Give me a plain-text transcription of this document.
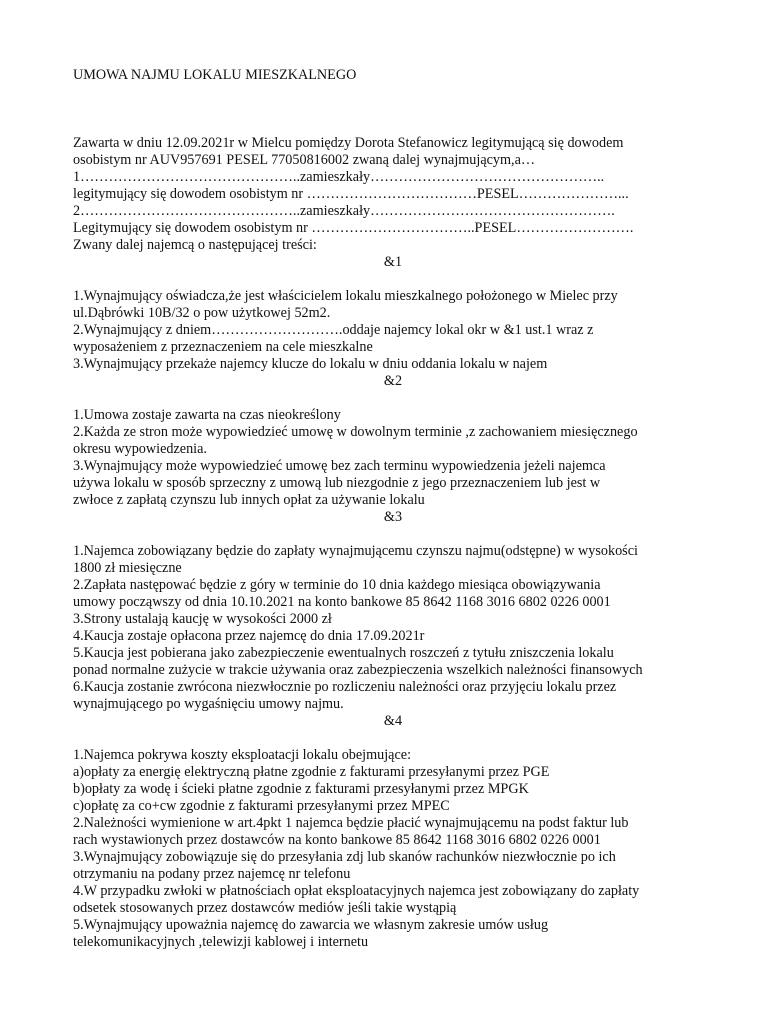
UMOWA NAJMU LOKALU MIESZKALNEGO
Zawarta w dniu 12.09.2021r w Mielcu pomiędzy Dorota Stefanowicz legitymującą się dowodem
osobistym nr AUV957691 PESEL 77050816002 zwaną dalej wynajmującym,a…
1………………………………………..zamieszkały…………………………………………..
legitymujący się dowodem osobistym nr ………………………………PESEL…………………...
2………………………………………..zamieszkały…………………………………………….
Legitymujący się dowodem osobistym nr ……………………………..PESEL…………………….
Zwany dalej najemcą o następującej treści:
&1
1.Wynajmujący oświadcza,że jest właścicielem lokalu mieszkalnego położonego w Mielec przy
ul.Dąbrówki 10B/32 o pow użytkowej 52m2.
2.Wynajmujący z dniem……………………….oddaje najemcy lokal okr w &1 ust.1 wraz z
wyposażeniem z przeznaczeniem na cele mieszkalne
3.Wynajmujący przekaże najemcy klucze do lokalu w dniu oddania lokalu w najem
&2
1.Umowa zostaje zawarta na czas nieokreślony
2.Każda ze stron może wypowiedzieć umowę w dowolnym terminie ,z zachowaniem miesięcznego
okresu wypowiedzenia.
3.Wynajmujący może wypowiedzieć umowę bez zach terminu wypowiedzenia jeżeli najemca
używa lokalu w sposób sprzeczny z umową lub niezgodnie z jego przeznaczeniem lub jest w
zwłoce z zapłatą czynszu lub innych opłat za używanie lokalu
&3
1.Najemca zobowiązany będzie do zapłaty wynajmującemu czynszu najmu(odstępne) w wysokości
1800 zł miesięczne
2.Zapłata następować będzie z góry w terminie do 10 dnia każdego miesiąca obowiązywania
umowy począwszy od dnia 10.10.2021 na konto bankowe 85 8642 1168 3016 6802 0226 0001
3.Strony ustalają kaucję w wysokości 2000 zł
4.Kaucja zostaje opłacona przez najemcę do dnia 17.09.2021r
5.Kaucja jest pobierana jako zabezpieczenie ewentualnych roszczeń z tytułu zniszczenia lokalu
ponad normalne zużycie w trakcie używania oraz zabezpieczenia wszelkich należności finansowych
6.Kaucja zostanie zwrócona niezwłocznie po rozliczeniu należności oraz przyjęciu lokalu przez
wynajmującego po wygaśnięciu umowy najmu.
&4
1.Najemca pokrywa koszty eksploatacji lokalu obejmujące:
a)opłaty za energię elektryczną płatne zgodnie z fakturami przesyłanymi przez PGE
b)opłaty za wodę i ścieki płatne zgodnie z fakturami przesyłanymi przez MPGK
c)opłatę za co+cw zgodnie z fakturami przesyłanymi przez MPEC
2.Należności wymienione w art.4pkt 1 najemca będzie płacić wynajmującemu na podst faktur lub
rach wystawionych przez dostawców na konto bankowe 85 8642 1168 3016 6802 0226 0001
3.Wynajmujący zobowiązuje się do przesyłania zdj lub skanów rachunków niezwłocznie po ich
otrzymaniu na podany przez najemcę nr telefonu
4.W przypadku zwłoki w płatnościach opłat eksploatacyjnych najemca jest zobowiązany do zapłaty
odsetek stosowanych przez dostawców mediów jeśli takie wystąpią
5.Wynajmujący upoważnia najemcę do zawarcia we własnym zakresie umów usług
telekomunikacyjnych ,telewizji kablowej i internetu
